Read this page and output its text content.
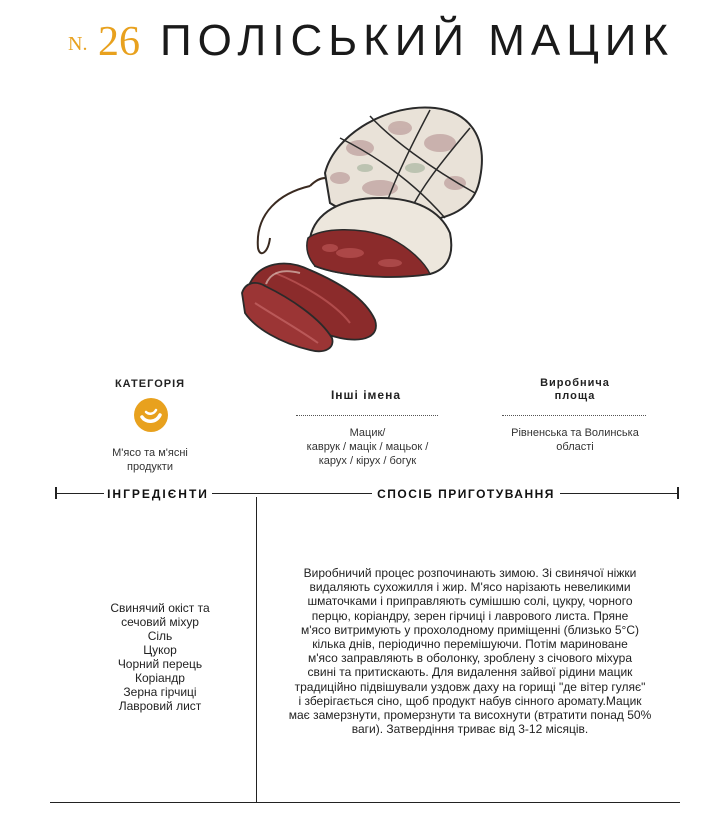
N. 26 ПОЛІСЬКИЙ МАЦИК
КАТЕГОРІЯ
М'ясо та м'ясні
продукти
Інші імена
Мацик/
каврук / мацік / мацьок /
карух / кірух / богук
Виробнича
площа
Рівненська та Волинська
області
ІНГРЕДІЄНТИ	СПОСІБ ПРИГОТУВАННЯ
Свинячий окіст та
сечовий міхур
Сіль
Цукор
Чорний перець
Коріандр
Зерна гірчиці
Лавровий лист
Виробничий процес розпочинають зимою. Зі свинячої ніжки
видаляють сухожилля і жир. М'ясо нарізають невеликими
шматочками і приправляють сумішшю солі, цукру, чорного
перцю, коріандру, зерен гірчиці і лаврового листа. Пряне
м'ясо витримують у прохолодному приміщенні (близько 5°С)
кілька днів, періодично перемішуючи. Потім мариноване
м'ясо заправляють в оболонку, зроблену з січового міхура
свині та притискають. Для видалення зайвої рідини мацик
традиційно підвішували уздовж даху на горищі "де вітер гуляє"
і зберігається сіно, щоб продукт набув сінного аромату.Мацик
має замерзнути, промерзнути та висохнути (втратити понад 50%
ваги). Затвердіння триває від 3-12 місяців.
